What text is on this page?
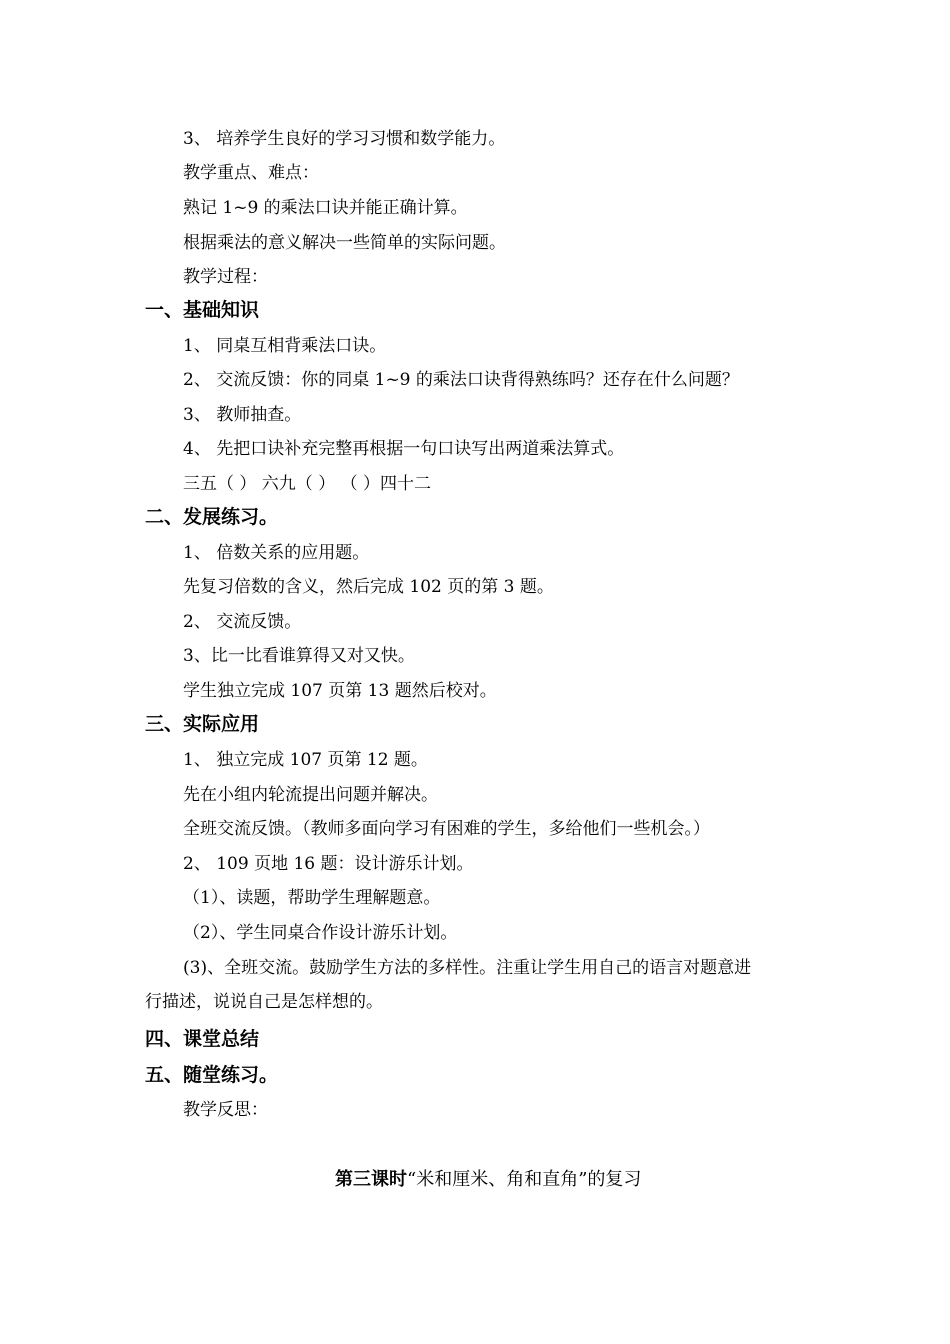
3、 培养学生良好的学习习惯和数学能力。
教学重点、难点：
熟记 1~9 的乘法口诀并能正确计算。
根据乘法的意义解决一些简单的实际问题。
教学过程：
一、基础知识
1、 同桌互相背乘法口诀。
2、 交流反馈：你的同桌 1~9 的乘法口诀背得熟练吗？还存在什么问题？
3、 教师抽查。
4、 先把口诀补充完整再根据一句口诀写出两道乘法算式。
三五（ ） 六九（ ） （ ）四十二
二、发展练习。
1、 倍数关系的应用题。
先复习倍数的含义，然后完成 102 页的第 3 题。
2、 交流反馈。
3、比一比看谁算得又对又快。
学生独立完成 107 页第 13 题然后校对。
三、实际应用
1、 独立完成 107 页第 12 题。
先在小组内轮流提出问题并解决。
全班交流反馈。（教师多面向学习有困难的学生，多给他们一些机会。）
2、 109 页地 16 题：设计游乐计划。
（1）、读题，帮助学生理解题意。
（2）、学生同桌合作设计游乐计划。
(3)、全班交流。鼓励学生方法的多样性。注重让学生用自己的语言对题意进
行描述，说说自己是怎样想的。
四、课堂总结
五、随堂练习。
教学反思：
第三课时“米和厘米、角和直角”的复习
